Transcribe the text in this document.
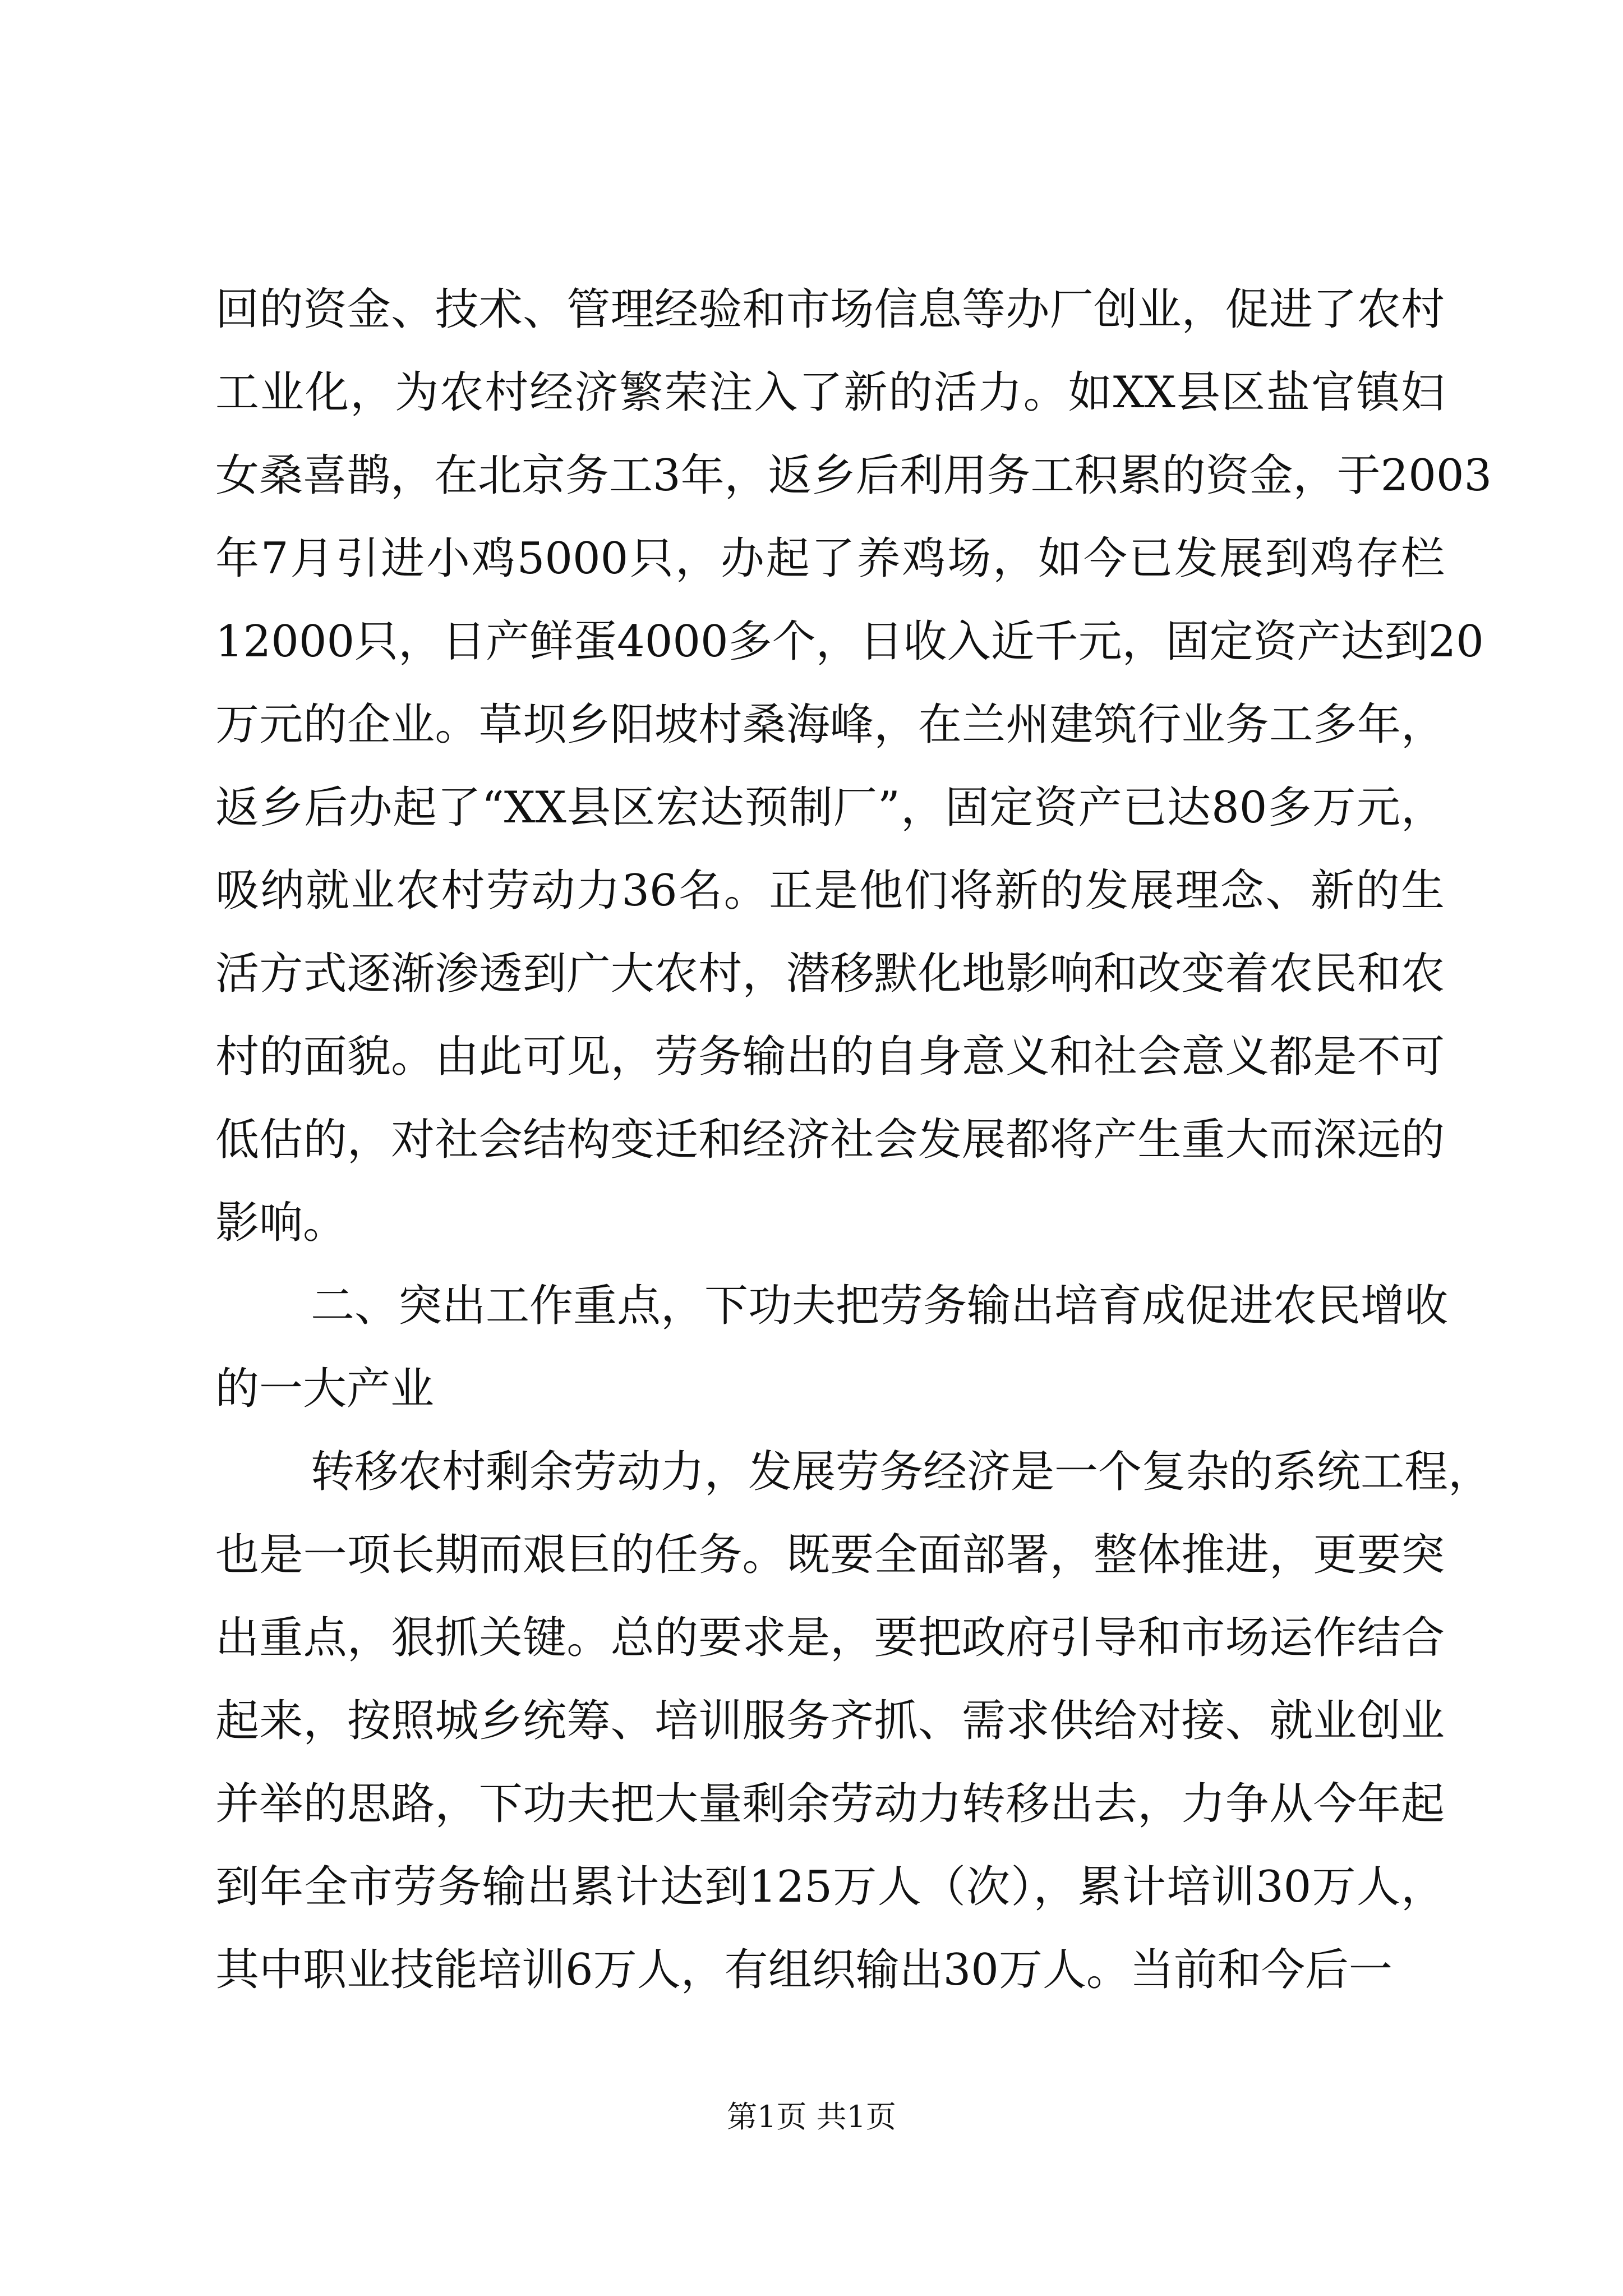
回的资金、技术、管理经验和市场信息等办厂创业，促进了农村
工业化，为农村经济繁荣注入了新的活力。如XX县区盐官镇妇
女桑喜鹊，在北京务工3年，返乡后利用务工积累的资金，于2003
年7月引进小鸡5000只，办起了养鸡场，如今已发展到鸡存栏
12000只，日产鲜蛋4000多个，日收入近千元，固定资产达到20
万元的企业。草坝乡阳坡村桑海峰，在兰州建筑行业务工多年，
返乡后办起了“XX县区宏达预制厂”，固定资产已达80多万元，
吸纳就业农村劳动力36名。正是他们将新的发展理念、新的生
活方式逐渐渗透到广大农村，潜移默化地影响和改变着农民和农
村的面貌。由此可见，劳务输出的自身意义和社会意义都是不可
低估的，对社会结构变迁和经济社会发展都将产生重大而深远的
影响。
二、突出工作重点，下功夫把劳务输出培育成促进农民增收
的一大产业
转移农村剩余劳动力，发展劳务经济是一个复杂的系统工程，
也是一项长期而艰巨的任务。既要全面部署，整体推进，更要突
出重点，狠抓关键。总的要求是，要把政府引导和市场运作结合
起来，按照城乡统筹、培训服务齐抓、需求供给对接、就业创业
并举的思路，下功夫把大量剩余劳动力转移出去，力争从今年起
到年全市劳务输出累计达到125万人（次），累计培训30万人，
其中职业技能培训6万人，有组织输出30万人。当前和今后一
第1页 共1页
